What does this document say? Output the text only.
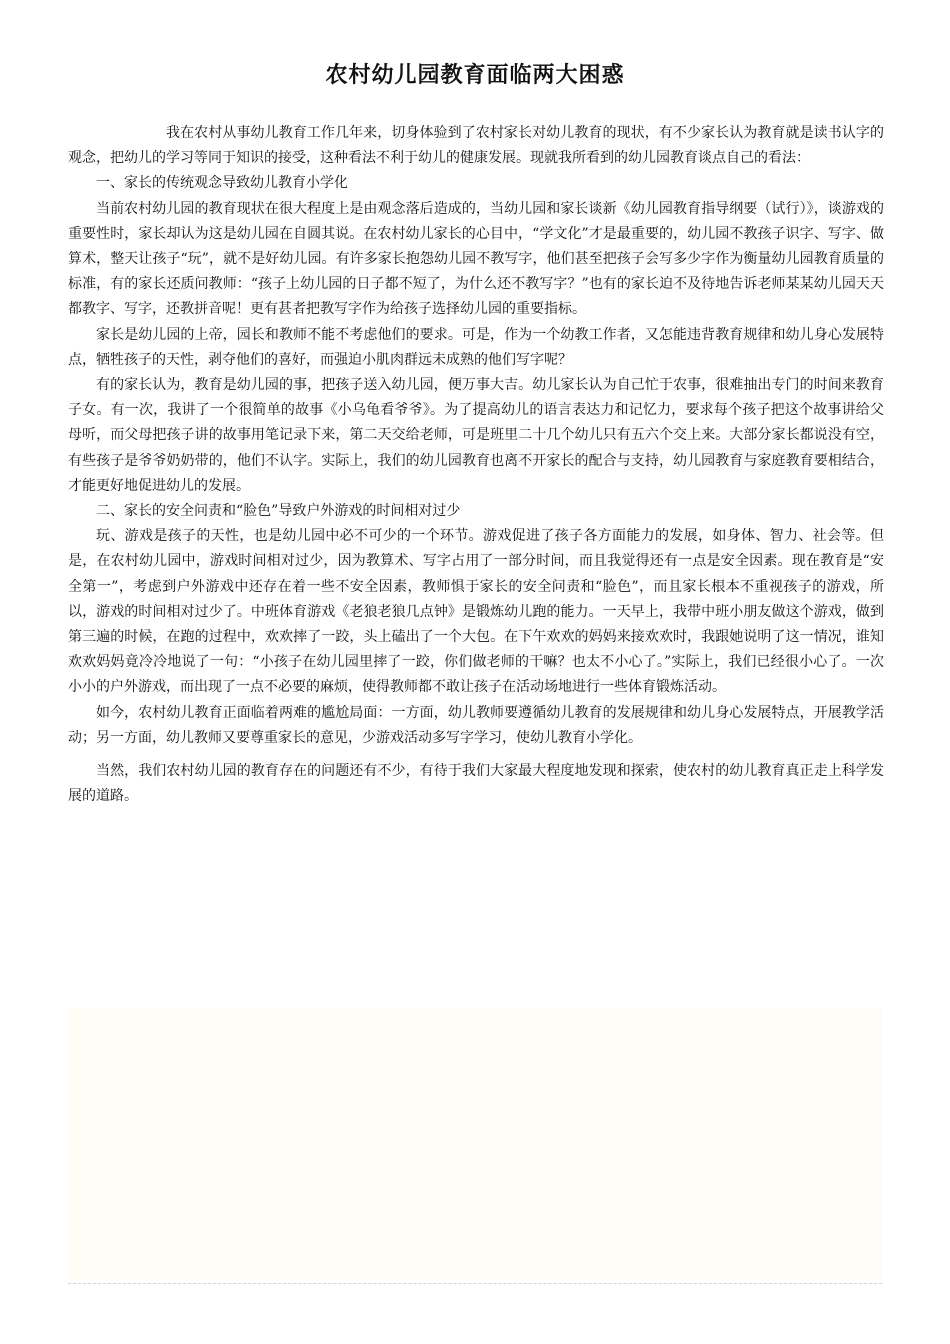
农村幼儿园教育面临两大困惑

我在农村从事幼儿教育工作几年来，切身体验到了农村家长对幼儿教育的现状，有不少家长认为教育就是读书认字的观念，把幼儿的学习等同于知识的接受，这种看法不利于幼儿的健康发展。现就我所看到的幼儿园教育谈点自己的看法：

一、家长的传统观念导致幼儿教育小学化

当前农村幼儿园的教育现状在很大程度上是由观念落后造成的，当幼儿园和家长谈新《幼儿园教育指导纲要（试行）》，谈游戏的重要性时，家长却认为这是幼儿园在自圆其说。在农村幼儿家长的心目中，“学文化”才是最重要的，幼儿园不教孩子识字、写字、做算术，整天让孩子“玩”，就不是好幼儿园。有许多家长抱怨幼儿园不教写字，他们甚至把孩子会写多少字作为衡量幼儿园教育质量的标准，有的家长还质问教师：“孩子上幼儿园的日子都不短了，为什么还不教写字？”也有的家长迫不及待地告诉老师某某幼儿园天天都教字、写字，还教拼音呢！更有甚者把教写字作为给孩子选择幼儿园的重要指标。

家长是幼儿园的上帝，园长和教师不能不考虑他们的要求。可是，作为一个幼教工作者，又怎能违背教育规律和幼儿身心发展特点，牺牲孩子的天性，剥夺他们的喜好，而强迫小肌肉群远未成熟的他们写字呢？

有的家长认为，教育是幼儿园的事，把孩子送入幼儿园，便万事大吉。幼儿家长认为自己忙于农事，很难抽出专门的时间来教育子女。有一次，我讲了一个很简单的故事《小乌龟看爷爷》。为了提高幼儿的语言表达力和记忆力，要求每个孩子把这个故事讲给父母听，而父母把孩子讲的故事用笔记录下来，第二天交给老师，可是班里二十几个幼儿只有五六个交上来。大部分家长都说没有空，有些孩子是爷爷奶奶带的，他们不认字。实际上，我们的幼儿园教育也离不开家长的配合与支持，幼儿园教育与家庭教育要相结合，才能更好地促进幼儿的发展。

二、家长的安全问责和“脸色”导致户外游戏的时间相对过少

玩、游戏是孩子的天性，也是幼儿园中必不可少的一个环节。游戏促进了孩子各方面能力的发展，如身体、智力、社会等。但是，在农村幼儿园中，游戏时间相对过少，因为教算术、写字占用了一部分时间，而且我觉得还有一点是安全因素。现在教育是“安全第一”，考虑到户外游戏中还存在着一些不安全因素，教师惧于家长的安全问责和“脸色”，而且家长根本不重视孩子的游戏，所以，游戏的时间相对过少了。中班体育游戏《老狼老狼几点钟》是锻炼幼儿跑的能力。一天早上，我带中班小朋友做这个游戏，做到第三遍的时候，在跑的过程中，欢欢摔了一跤，头上磕出了一个大包。在下午欢欢的妈妈来接欢欢时，我跟她说明了这一情况，谁知欢欢妈妈竟冷冷地说了一句：“小孩子在幼儿园里摔了一跤，你们做老师的干嘛？也太不小心了。”实际上，我们已经很小心了。一次小小的户外游戏，而出现了一点不必要的麻烦，使得教师都不敢让孩子在活动场地进行一些体育锻炼活动。

如今，农村幼儿教育正面临着两难的尴尬局面：一方面，幼儿教师要遵循幼儿教育的发展规律和幼儿身心发展特点，开展教学活动；另一方面，幼儿教师又要尊重家长的意见，少游戏活动多写字学习，使幼儿教育小学化。

当然，我们农村幼儿园的教育存在的问题还有不少，有待于我们大家最大程度地发现和探索，使农村的幼儿教育真正走上科学发展的道路。
